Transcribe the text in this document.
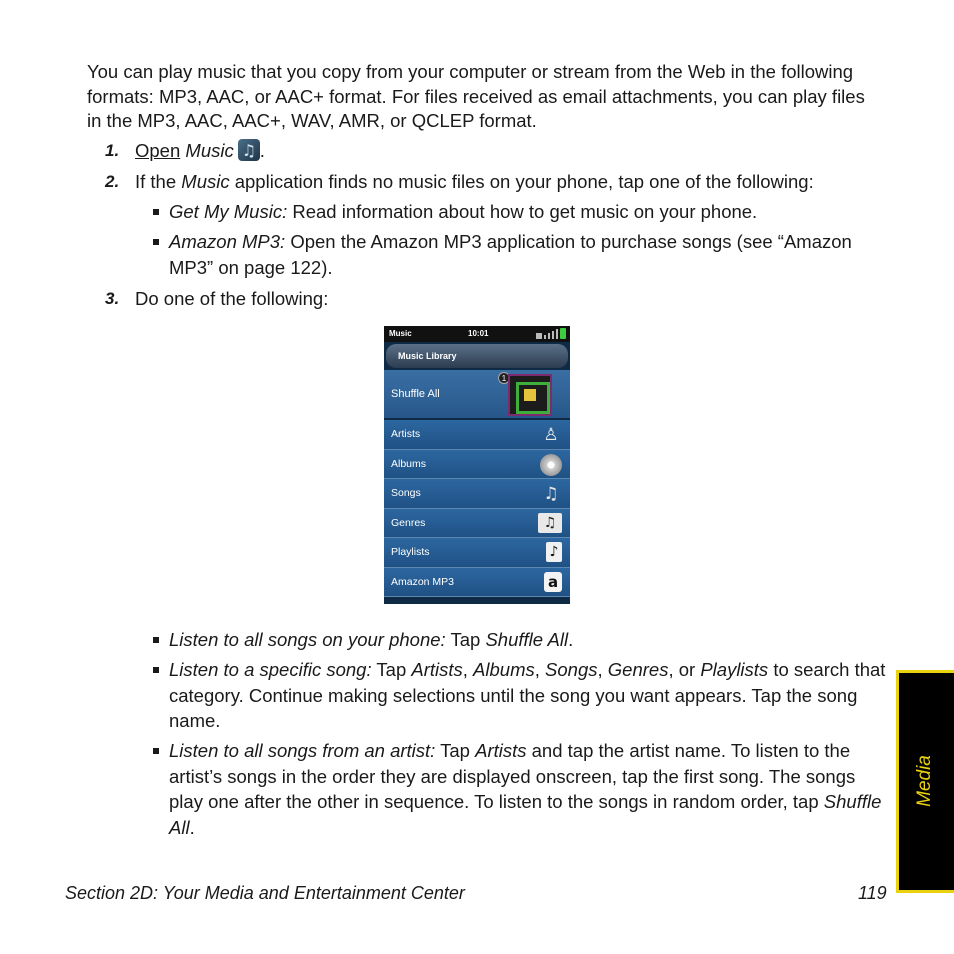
You can play music that you copy from your computer or stream from the Web in the following formats: MP3, AAC, or AAC+ format. For files received as email attachments, you can play files in the MP3, AAC, AAC+, WAV, AMR, or QCLEP format.
1. Open Music♫ .
2. If the Music application finds no music files on your phone, tap one of the following:
Get My Music: Read information about how to get music on your phone.
Amazon MP3: Open the Amazon MP3 application to purchase songs (see “Amazon MP3” on page 122).
3. Do one of the following:
Music	10:01
Music Library
Shuffle All
1
Artists	♙
Albums
Songs	♫
Genres	♫
Playlists	♪
Amazon MP3	a
Listen to all songs on your phone: Tap Shuffle All.
Listen to a specific song: Tap Artists, Albums, Songs, Genres, or Playlists to search that category. Continue making selections until the song you want appears. Tap the song name.
Listen to all songs from an artist: Tap Artists and tap the artist name. To listen to the artist’s songs in the order they are displayed onscreen, tap the first song. The songs play one after the other in sequence. To listen to the songs in random order, tap Shuffle All.
Media
Section 2D: Your Media and Entertainment Center	119
